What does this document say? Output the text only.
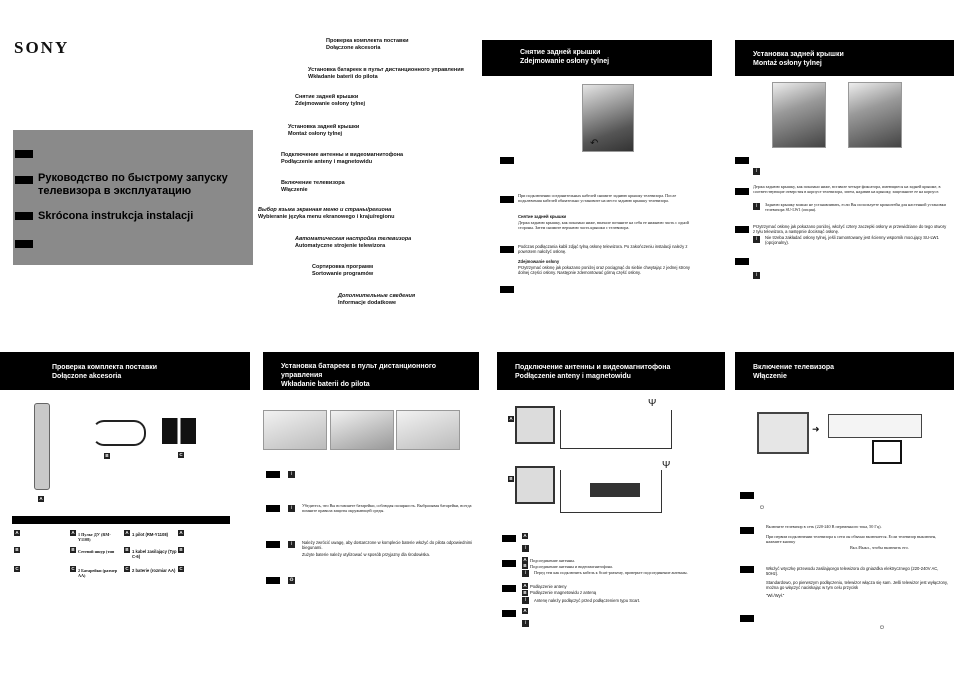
SONY
Руководство по быстрому запуску телевизора в эксплуатацию
Skrócona instrukcja instalacji
Проверка комплекта поставки
Dołączone akcesoria
Установка батареек в пульт дистанционного управления
Wkładanie baterii do pilota
Снятие задней крышки
Zdejmowanie osłony tylnej
Установка задней крышки
Montaż osłony tylnej
Подключение антенны и видеомагнитофона
Podłączenie anteny i magnetowidu
Включение телевизора
Włączenie
Выбор языка экранная меню и страны/региона
Wybieranie języka menu ekranowego i kraju/regionu
Автоматическая настройка телевизора
Automatyczne strojenie telewizora
Сортировка программ
Sortowanie programów
Дополнительные сведения
Informacje dodatkowe
Снятие задней крышки
Zdejmowanie osłony tylnej
↶
При подключении соединительных кабелей снимите заднюю крышку телевизора. После подключения кабелей обязательно установите на место заднюю крышку телевизора.
Снятие задней крышки
Держа заднюю крышку, как показано ниже, впачале потяните на себя ее нижнюю часть с одной стороны. Затем снимите верхнюю часть крышки с телевизора.
Podczas podłączania kabli zdjąć tylną osłonę telewizora. Po zakończeniu instalacji należy z powrotem nałożyć osłonę.
Zdejmowanie osłony
Przytrzymać osłonę jak pokazano poniżej oraz pociągnąć do siebie chwytając z jednej strony dolnej części osłony. Następnie zdemontować górną część osłony.
Установка задней крышки
Montaż osłony tylnej
i
Держа заднюю крышку, как показано ниже, вставьте четыре фиксатора, имеющиеся на задней крышке, в соответствующие отверстия в корпусе телевизора, затем, надавив на крышку, защелкните ее на корпусе.
i	Заднюю крышку можно не устанавливать, если Вы используете кронштейн для настенной установки телевизора SU-LW1 (опция).
Przytrzymać osłonę jak pokazano poniżej, włożyć cztery zaczepki osłony w przewidziane do tego otwory z tyłu telewizora, a następnie docisnąć osłonę.
i	Nie trzeba zakładać osłony tylnej, jeśli zamontowany jest ścienny wspornik mocujący SU-LW1 (opcjonalny).
i
Проверка комплекта поставки
Dołączone akcesoria
A
B	C
A
B
C
A 1 Пульт ДУ (RM-Y1108)
B Сетевой шнур (тип
C 2 Батарейки (размер АА)
A 1 pilot (RM-Y1108)
B 1 kabel zasilający (Typ C-6)
C 2 baterie (rozmiar AA)
A
B
C
Установка батареек в пульт дистанционного управления
Wkładanie baterii do pilota
i
i	Убедитесь, что Вы вставляете батарейки, соблюдая полярность. Выбрасывая батарейки, всегда помните правила защиты окружающей среды.
i	Należy zwrócić uwagę, aby dostarczone w komplecie baterie włożyć do pilota odpowiednimi biegunami.
Zużyte baterie należy utylizować w sposób przyjazny dla środowiska.
♻
Подключение антенны и видеомагнитофона
Podłączenie anteny i magnetowidu
A
Ψ
B
Ψ
A
i
A Подсоединение антенны.
B Подсоединение антенны и видеомагнитофона.
i	Перед тем как подключить кабель к Scart-разъему, проверьте подсоединение антенны.
A Podłączenie anteny
B Podłączenie magnetowidu z anteną
i	Antenę należy podłączyć przed podłączeniem typu Scart.
A
i
Включение телевизора
Włączenie
➜
⏻
Включите телевизор в сеть (220-240 В переменного тока, 50 Гц).
При первом подключении телевизора к сети он обычно включается. Если телевизор выключен, нажмите кнопку
Вкл./Выкл., чтобы включить его.
Włożyć wtyczkę przewodu zasilającego telewizora do gniazdka elektrycznego (220-240V AC, 50Hz).
Standardowo, po pierwszym podłączeniu, telewizor włącza się sam. Jeśli telewizor jest wyłączony, można go włączyć naciskając w tym celu przycisk
"Wł./Wył."
⏻
